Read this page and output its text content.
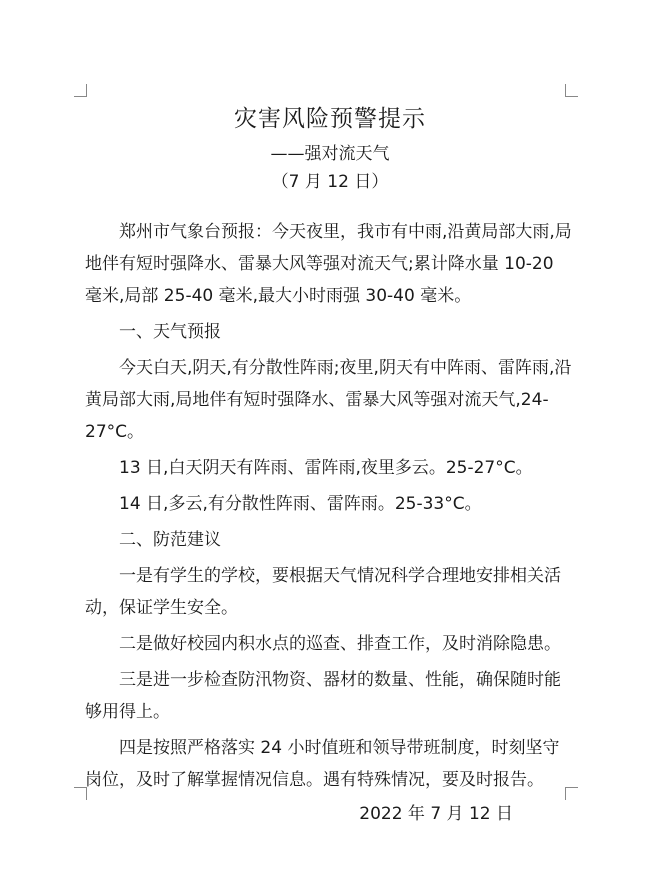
灾害风险预警提示
——强对流天气
（7 月 12 日）

郑州市气象台预报：今天夜里，我市有中雨,沿黄局部大雨,局地伴有短时强降水、雷暴大风等强对流天气;累计降水量 10-20 毫米,局部 25-40 毫米,最大小时雨强 30-40 毫米。

一、天气预报

今天白天,阴天,有分散性阵雨;夜里,阴天有中阵雨、雷阵雨,沿黄局部大雨,局地伴有短时强降水、雷暴大风等强对流天气,24-27°C。

13 日,白天阴天有阵雨、雷阵雨,夜里多云。25-27°C。

14 日,多云,有分散性阵雨、雷阵雨。25-33°C。

二、防范建议

一是有学生的学校，要根据天气情况科学合理地安排相关活动，保证学生安全。

二是做好校园内积水点的巡查、排查工作，及时消除隐患。

三是进一步检查防汛物资、器材的数量、性能，确保随时能够用得上。

四是按照严格落实 24 小时值班和领导带班制度，时刻坚守岗位，及时了解掌握情况信息。遇有特殊情况，要及时报告。

2022 年 7 月 12 日
